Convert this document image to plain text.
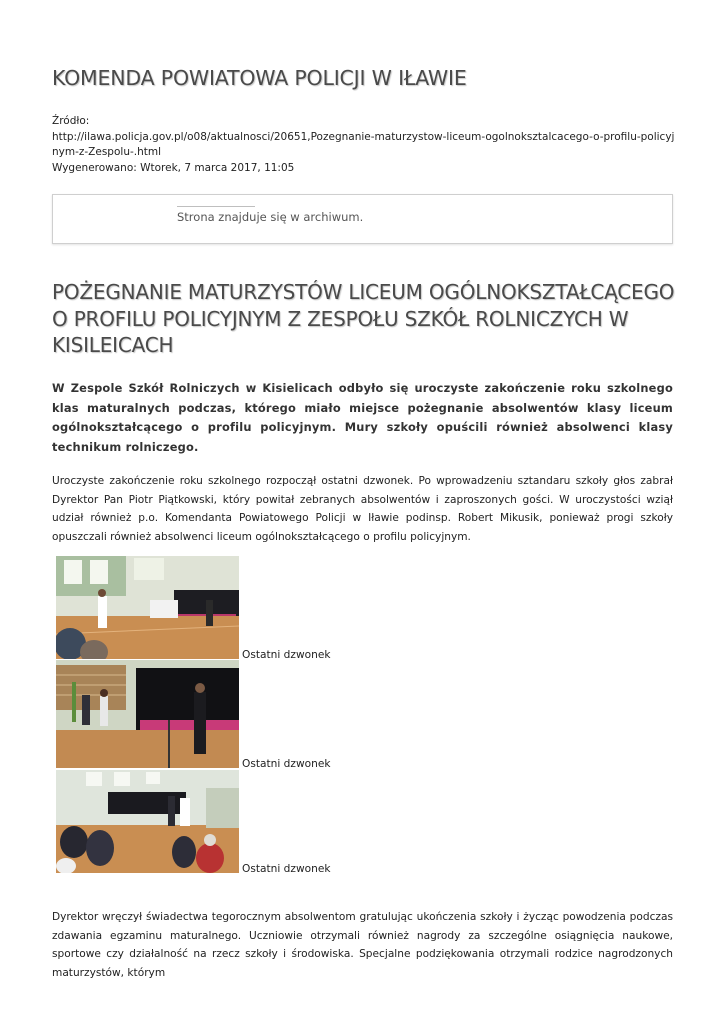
KOMENDA POWIATOWA POLICJI W IŁAWIE
Źródło:
http://ilawa.policja.gov.pl/o08/aktualnosci/20651,Pozegnanie-maturzystow-liceum-ogolnoksztalcacego-o-profilu-policyjnym-z-Zespolu-.html
Wygenerowano: Wtorek, 7 marca 2017, 11:05
Strona znajduje się w archiwum.
POŻEGNANIE MATURZYSTÓW LICEUM OGÓLNOKSZTAŁCĄCEGO O PROFILU POLICYJNYM Z ZESPOŁU SZKÓŁ ROLNICZYCH W KISILEICACH

W Zespole Szkół Rolniczych w Kisielicach odbyło się uroczyste zakończenie roku szkolnego klas maturalnych podczas, którego miało miejsce pożegnanie absolwentów klasy liceum ogólnokształcącego o profilu policyjnym. Mury szkoły opuścili również absolwenci klasy technikum rolniczego.

Uroczyste zakończenie roku szkolnego rozpoczął ostatni dzwonek. Po wprowadzeniu sztandaru szkoły głos zabrał Dyrektor Pan Piotr Piątkowski, który powitał zebranych absolwentów i zaproszonych gości. W uroczystości wziął udział również p.o. Komendanta Powiatowego Policji w Iławie podinsp. Robert Mikusik, ponieważ progi szkoły opuszczali również absolwenci liceum ogólnokształcącego o profilu policyjnym.

Ostatni dzwonek
Ostatni dzwonek
Ostatni dzwonek

Dyrektor wręczył świadectwa tegorocznym absolwentom gratulując ukończenia szkoły i życząc powodzenia podczas zdawania egzaminu maturalnego. Uczniowie otrzymali również nagrody za szczególne osiągnięcia naukowe, sportowe czy działalność na rzecz szkoły i środowiska. Specjalne podziękowania otrzymali rodzice nagrodzonych maturzystów, którym
